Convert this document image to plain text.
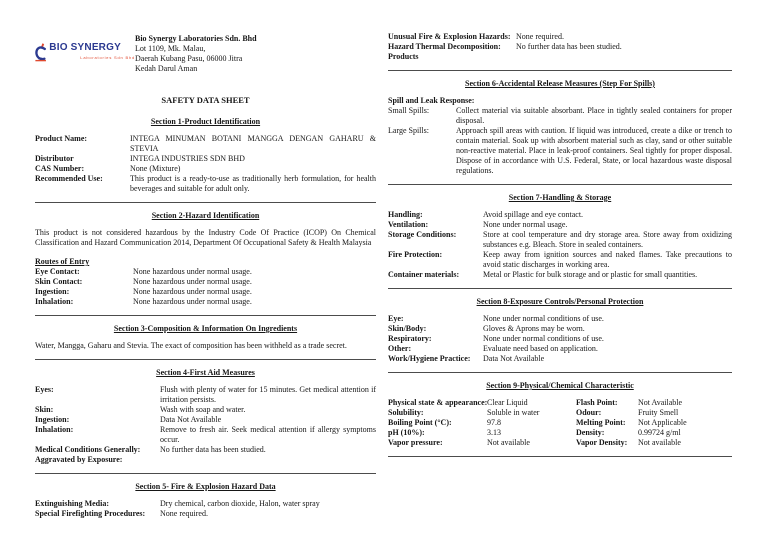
BIO SYNERGY
Laboratories Sdn Bhd
Bio Synergy Laboratories Sdn. Bhd
Lot 1109, Mk. Malau,
Daerah Kubang Pasu, 06000 Jitra
Kedah Darul Aman
SAFETY DATA SHEET
Section 1-Product Identification
Product Name:	INTEGA MINUMAN BOTANI MANGGA DENGAN GAHARU & STEVIA
Distributor	INTEGA INDUSTRIES SDN BHD
CAS Number:	None (Mixture)
Recommended Use:	This product is a ready-to-use as traditionally herb formulation, for health beverages and suitable for adult only.
Section 2-Hazard Identification
This product is not considered hazardous by the Industry Code Of Practice (ICOP) On Chemical Classification and Hazard Communication 2014, Department Of Occupational Safety & Health Malaysia
Routes of Entry
Eye Contact:	None hazardous under normal usage.
Skin Contact:	None hazardous under normal usage.
Ingestion:	None hazardous under normal usage.
Inhalation:	None hazardous under normal usage.
Section 3-Composition & Information On Ingredients
Water, Mangga, Gaharu and Stevia. The exact of composition has been withheld as a trade secret.
Section 4-First Aid Measures
Eyes:	Flush with plenty of water for 15 minutes. Get medical attention if irritation persists.
Skin:	Wash with soap and water.
Ingestion:	Data Not Available
Inhalation:	Remove to fresh air. Seek medical attention if allergy symptoms occur.
Medical Conditions Generally:
Aggravated by Exposure:
No further data has been studied.
Section 5- Fire & Explosion Hazard Data
Extinguishing Media:	Dry chemical, carbon dioxide, Halon, water spray
Special Firefighting Procedures:	None required.
Unusual Fire & Explosion Hazards: None required.
Hazard Thermal Decomposition:
Products
No further data has been studied.
Section 6-Accidental Release Measures (Step For Spills)
Spill and Leak Response:
Small Spills:	Collect material via suitable absorbant. Place in tightly sealed containers for proper disposal.
Large Spills:	Approach spill areas with caution. If liquid was introduced, create a dike or trench to contain material. Soak up with absorbent material such as clay, sand or other suitable non-reactive material. Place in leak-proof containers. Seal tightly for proper disposal. Dispose of in accordance with U.S. Federal, State, or local hazardous waste disposal regulations.
Section 7-Handling & Storage
Handling:	Avoid spillage and eye contact.
Ventilation:	None under normal usage.
Storage Conditions:	Store at cool temperature and dry storage area. Store away from oxidizing substances e.g. Bleach. Store in sealed containers.
Fire Protection:	Keep away from ignition sources and naked flames. Take precautions to avoid static discharges in working area.
Container materials:	Metal or Plastic for bulk storage and or plastic for small quantities.
Section 8-Exposure Controls/Personal Protection
Eye:	None under normal conditions of use.
Skin/Body:	Gloves & Aprons may be worn.
Respiratory:	None under normal conditions of use.
Other:	Evaluate need based on application.
Work/Hygiene Practice:	Data Not Available
Section 9-Physical/Chemical Characteristic
Physical state & appearance: Clear Liquid	Flash Point:	Not Available
Solubility:	Soluble in water	Odour:	Fruity Smell
Boiling Point (°C):	97.8	Melting Point:	Not Applicable
pH (10%):	3.13	Density:	0.99724 g/ml
Vapor pressure:	Not available	Vapor Density:	Not available
